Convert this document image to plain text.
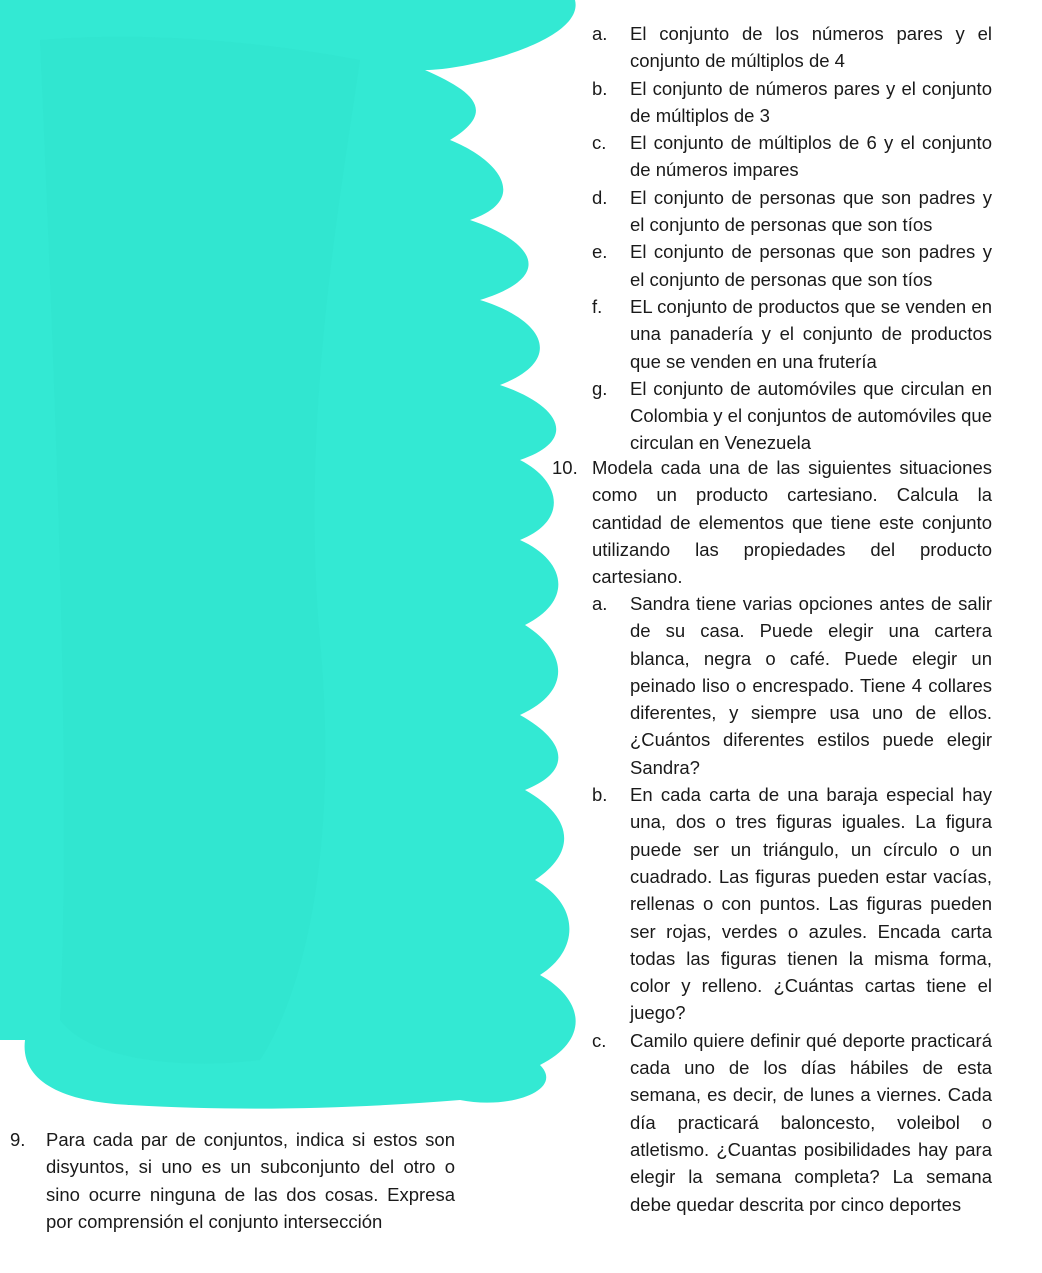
a. El conjunto de los números pares y el conjunto de múltiplos de 4

b. El conjunto de números pares y el conjunto de múltiplos de 3

c. El conjunto de múltiplos de 6 y el conjunto de números impares

d. El conjunto de personas que son padres y el conjunto de personas que son tíos

e. El conjunto de personas que son padres y el conjunto de personas que son tíos

f. EL conjunto de productos que se venden en una panadería y el conjunto de productos que se venden en una frutería

g. El conjunto de automóviles que circulan en Colombia y el conjuntos de automóviles que circulan en Venezuela

10. Modela cada una de las siguientes situaciones como un producto cartesiano. Calcula la cantidad de elementos que tiene este conjunto utilizando las propiedades del producto cartesiano.

a. Sandra tiene varias opciones antes de salir de su casa. Puede elegir una cartera blanca, negra o café. Puede elegir un peinado liso o encrespado. Tiene 4 collares diferentes, y siempre usa uno de ellos. ¿Cuántos diferentes estilos puede elegir Sandra?

b. En cada carta de una baraja especial hay una, dos o tres figuras iguales. La figura puede ser un triángulo, un círculo o un cuadrado. Las figuras pueden estar vacías, rellenas o con puntos. Las figuras pueden ser rojas, verdes o azules. Encada carta todas las figuras tienen la misma forma, color y relleno. ¿Cuántas cartas tiene el juego?

c. Camilo quiere definir qué deporte practicará cada uno de los días hábiles de esta semana, es decir, de lunes a viernes. Cada día practicará baloncesto, voleibol o atletismo. ¿Cuantas posibilidades hay para elegir la semana completa? La semana debe quedar descrita por cinco deportes

9. Para cada par de conjuntos, indica si estos son disyuntos, si uno es un subconjunto del otro o sino ocurre ninguna de las dos cosas. Expresa por comprensión el conjunto intersección
